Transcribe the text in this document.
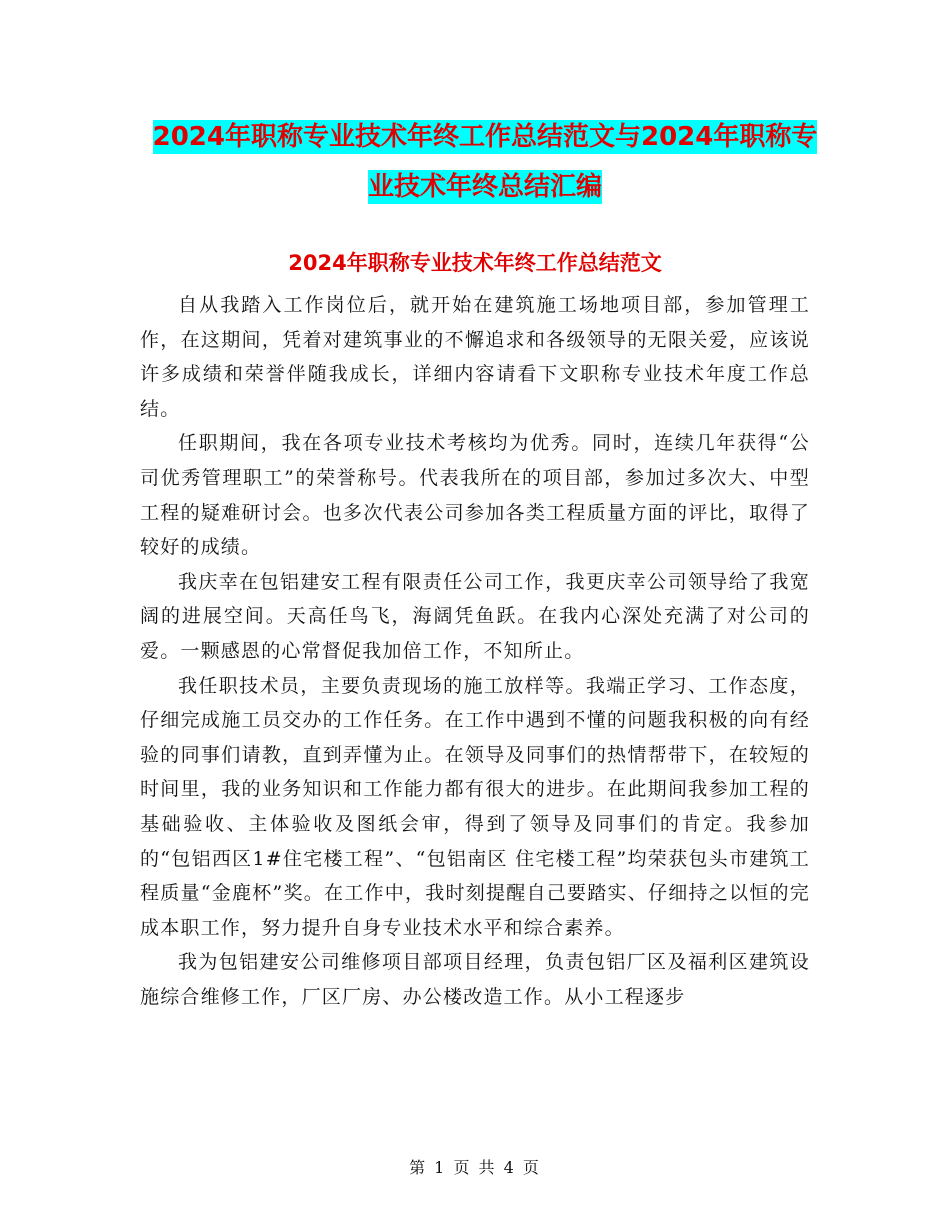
2024年职称专业技术年终工作总结范文与2024年职称专业技术年终总结汇编
2024年职称专业技术年终工作总结范文

自从我踏入工作岗位后，就开始在建筑施工场地项目部，参加管理工作，在这期间，凭着对建筑事业的不懈追求和各级领导的无限关爱，应该说许多成绩和荣誉伴随我成长，详细内容请看下文职称专业技术年度工作总结。

任职期间，我在各项专业技术考核均为优秀。同时，连续几年获得“公司优秀管理职工”的荣誉称号。代表我所在的项目部，参加过多次大、中型工程的疑难研讨会。也多次代表公司参加各类工程质量方面的评比，取得了较好的成绩。

我庆幸在包铝建安工程有限责任公司工作，我更庆幸公司领导给了我宽阔的进展空间。天高任鸟飞，海阔凭鱼跃。在我内心深处充满了对公司的爱。一颗感恩的心常督促我加倍工作，不知所止。

我任职技术员，主要负责现场的施工放样等。我端正学习、工作态度，仔细完成施工员交办的工作任务。在工作中遇到不懂的问题我积极的向有经验的同事们请教，直到弄懂为止。在领导及同事们的热情帮带下，在较短的时间里，我的业务知识和工作能力都有很大的进步。在此期间我参加工程的基础验收、主体验收及图纸会审，得到了领导及同事们的肯定。我参加的“包铝西区1#住宅楼工程”、“包铝南区 住宅楼工程”均荣获包头市建筑工程质量“金鹿杯”奖。在工作中，我时刻提醒自己要踏实、仔细持之以恒的完成本职工作，努力提升自身专业技术水平和综合素养。

我为包铝建安公司维修项目部项目经理，负责包铝厂区及福利区建筑设施综合维修工作，厂区厂房、办公楼改造工作。从小工程逐步

第 1 页 共 4 页
